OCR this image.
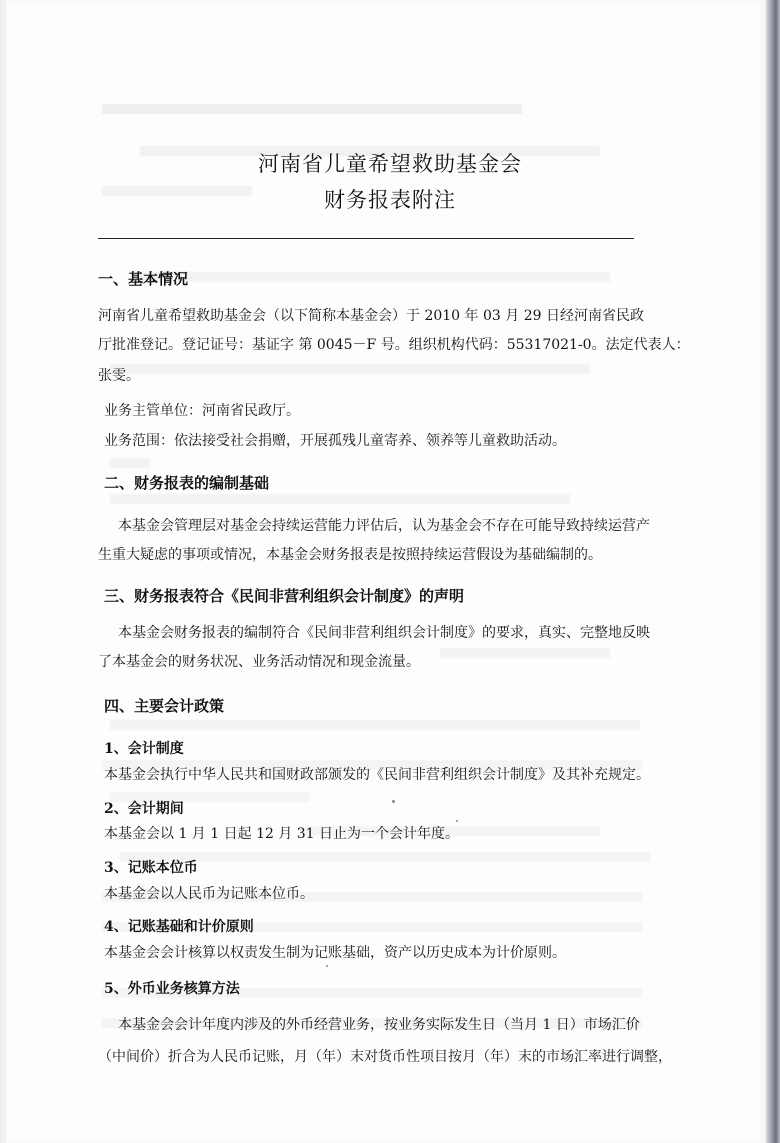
河南省儿童希望救助基金会
财务报表附注
一、基本情况
河南省儿童希望救助基金会（以下简称本基金会）于 2010 年 03 月 29 日经河南省民政
厅批准登记。登记证号：基证字 第 0045－F 号。组织机构代码：55317021-0。法定代表人：
张雯。
业务主管单位：河南省民政厅。
业务范围：依法接受社会捐赠，开展孤残儿童寄养、领养等儿童救助活动。
二、财务报表的编制基础
本基金会管理层对基金会持续运营能力评估后，认为基金会不存在可能导致持续运营产
生重大疑虑的事项或情况，本基金会财务报表是按照持续运营假设为基础编制的。
三、财务报表符合《民间非营利组织会计制度》的声明
本基金会财务报表的编制符合《民间非营利组织会计制度》的要求，真实、完整地反映
了本基金会的财务状况、业务活动情况和现金流量。
四、主要会计政策
1、会计制度
本基金会执行中华人民共和国财政部颁发的《民间非营利组织会计制度》及其补充规定。
2、会计期间
本基金会以 1 月 1 日起 12 月 31 日止为一个会计年度。
3、记账本位币
本基金会以人民币为记账本位币。
4、记账基础和计价原则
本基金会会计核算以权责发生制为记账基础，资产以历史成本为计价原则。
5、外币业务核算方法
本基金会会计年度内涉及的外币经营业务，按业务实际发生日（当月 1 日）市场汇价
（中间价）折合为人民币记账，月（年）末对货币性项目按月（年）末的市场汇率进行调整，
